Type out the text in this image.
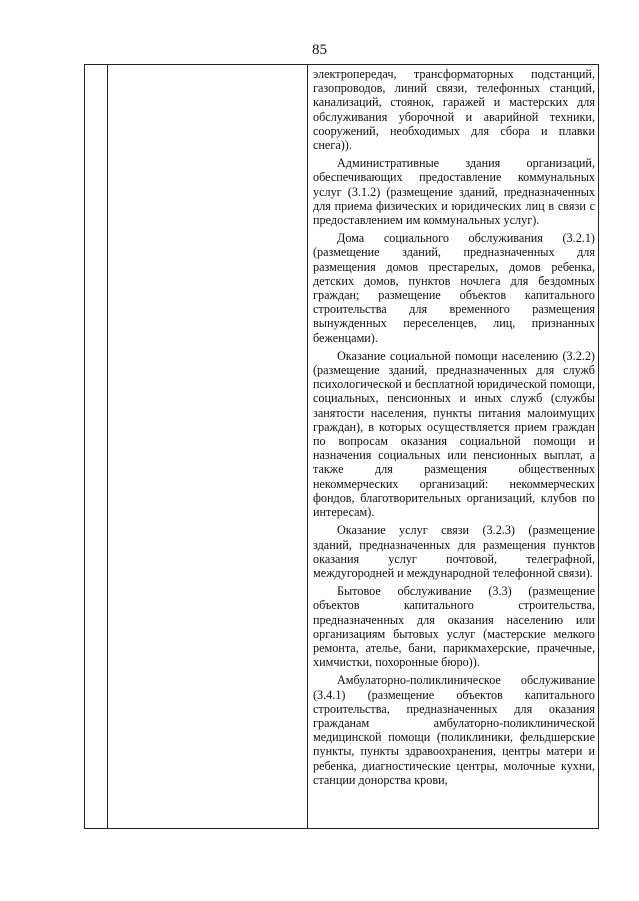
85

электропередач, трансформаторных подстанций, газопроводов, линий связи, телефонных станций, канализаций, стоянок, гаражей и мастерских для обслуживания уборочной и аварийной техники, сооружений, необходимых для сбора и плавки снега)).

Административные здания организаций, обеспечивающих предоставление коммунальных услуг (3.1.2) (размещение зданий, предназначенных для приема физических и юридических лиц в связи с предоставлением им коммунальных услуг).

Дома социального обслуживания (3.2.1) (размещение зданий, предназначенных для размещения домов престарелых, домов ребенка, детских домов, пунктов ночлега для бездомных граждан; размещение объектов капитального строительства для временного размещения вынужденных переселенцев, лиц, признанных беженцами).

Оказание социальной помощи населению (3.2.2) (размещение зданий, предназначенных для служб психологической и бесплатной юридической помощи, социальных, пенсионных и иных служб (службы занятости населения, пункты питания малоимущих граждан), в которых осуществляется прием граждан по вопросам оказания социальной помощи и назначения социальных или пенсионных выплат, а также для размещения общественных некоммерческих организаций: некоммерческих фондов, благотворительных организаций, клубов по интересам).

Оказание услуг связи (3.2.3) (размещение зданий, предназначенных для размещения пунктов оказания услуг почтовой, телеграфной, междугородней и международной телефонной связи).

Бытовое обслуживание (3.3) (размещение объектов капитального строительства, предназначенных для оказания населению или организациям бытовых услуг (мастерские мелкого ремонта, ателье, бани, парикмахерские, прачечные, химчистки, похоронные бюро)).

Амбулаторно-поликлиническое обслуживание (3.4.1) (размещение объектов капитального строительства, предназначенных для оказания гражданам амбулаторно-поликлинической медицинской помощи (поликлиники, фельдшерские пункты, пункты здравоохранения, центры матери и ребенка, диагностические центры, молочные кухни, станции донорства крови,
